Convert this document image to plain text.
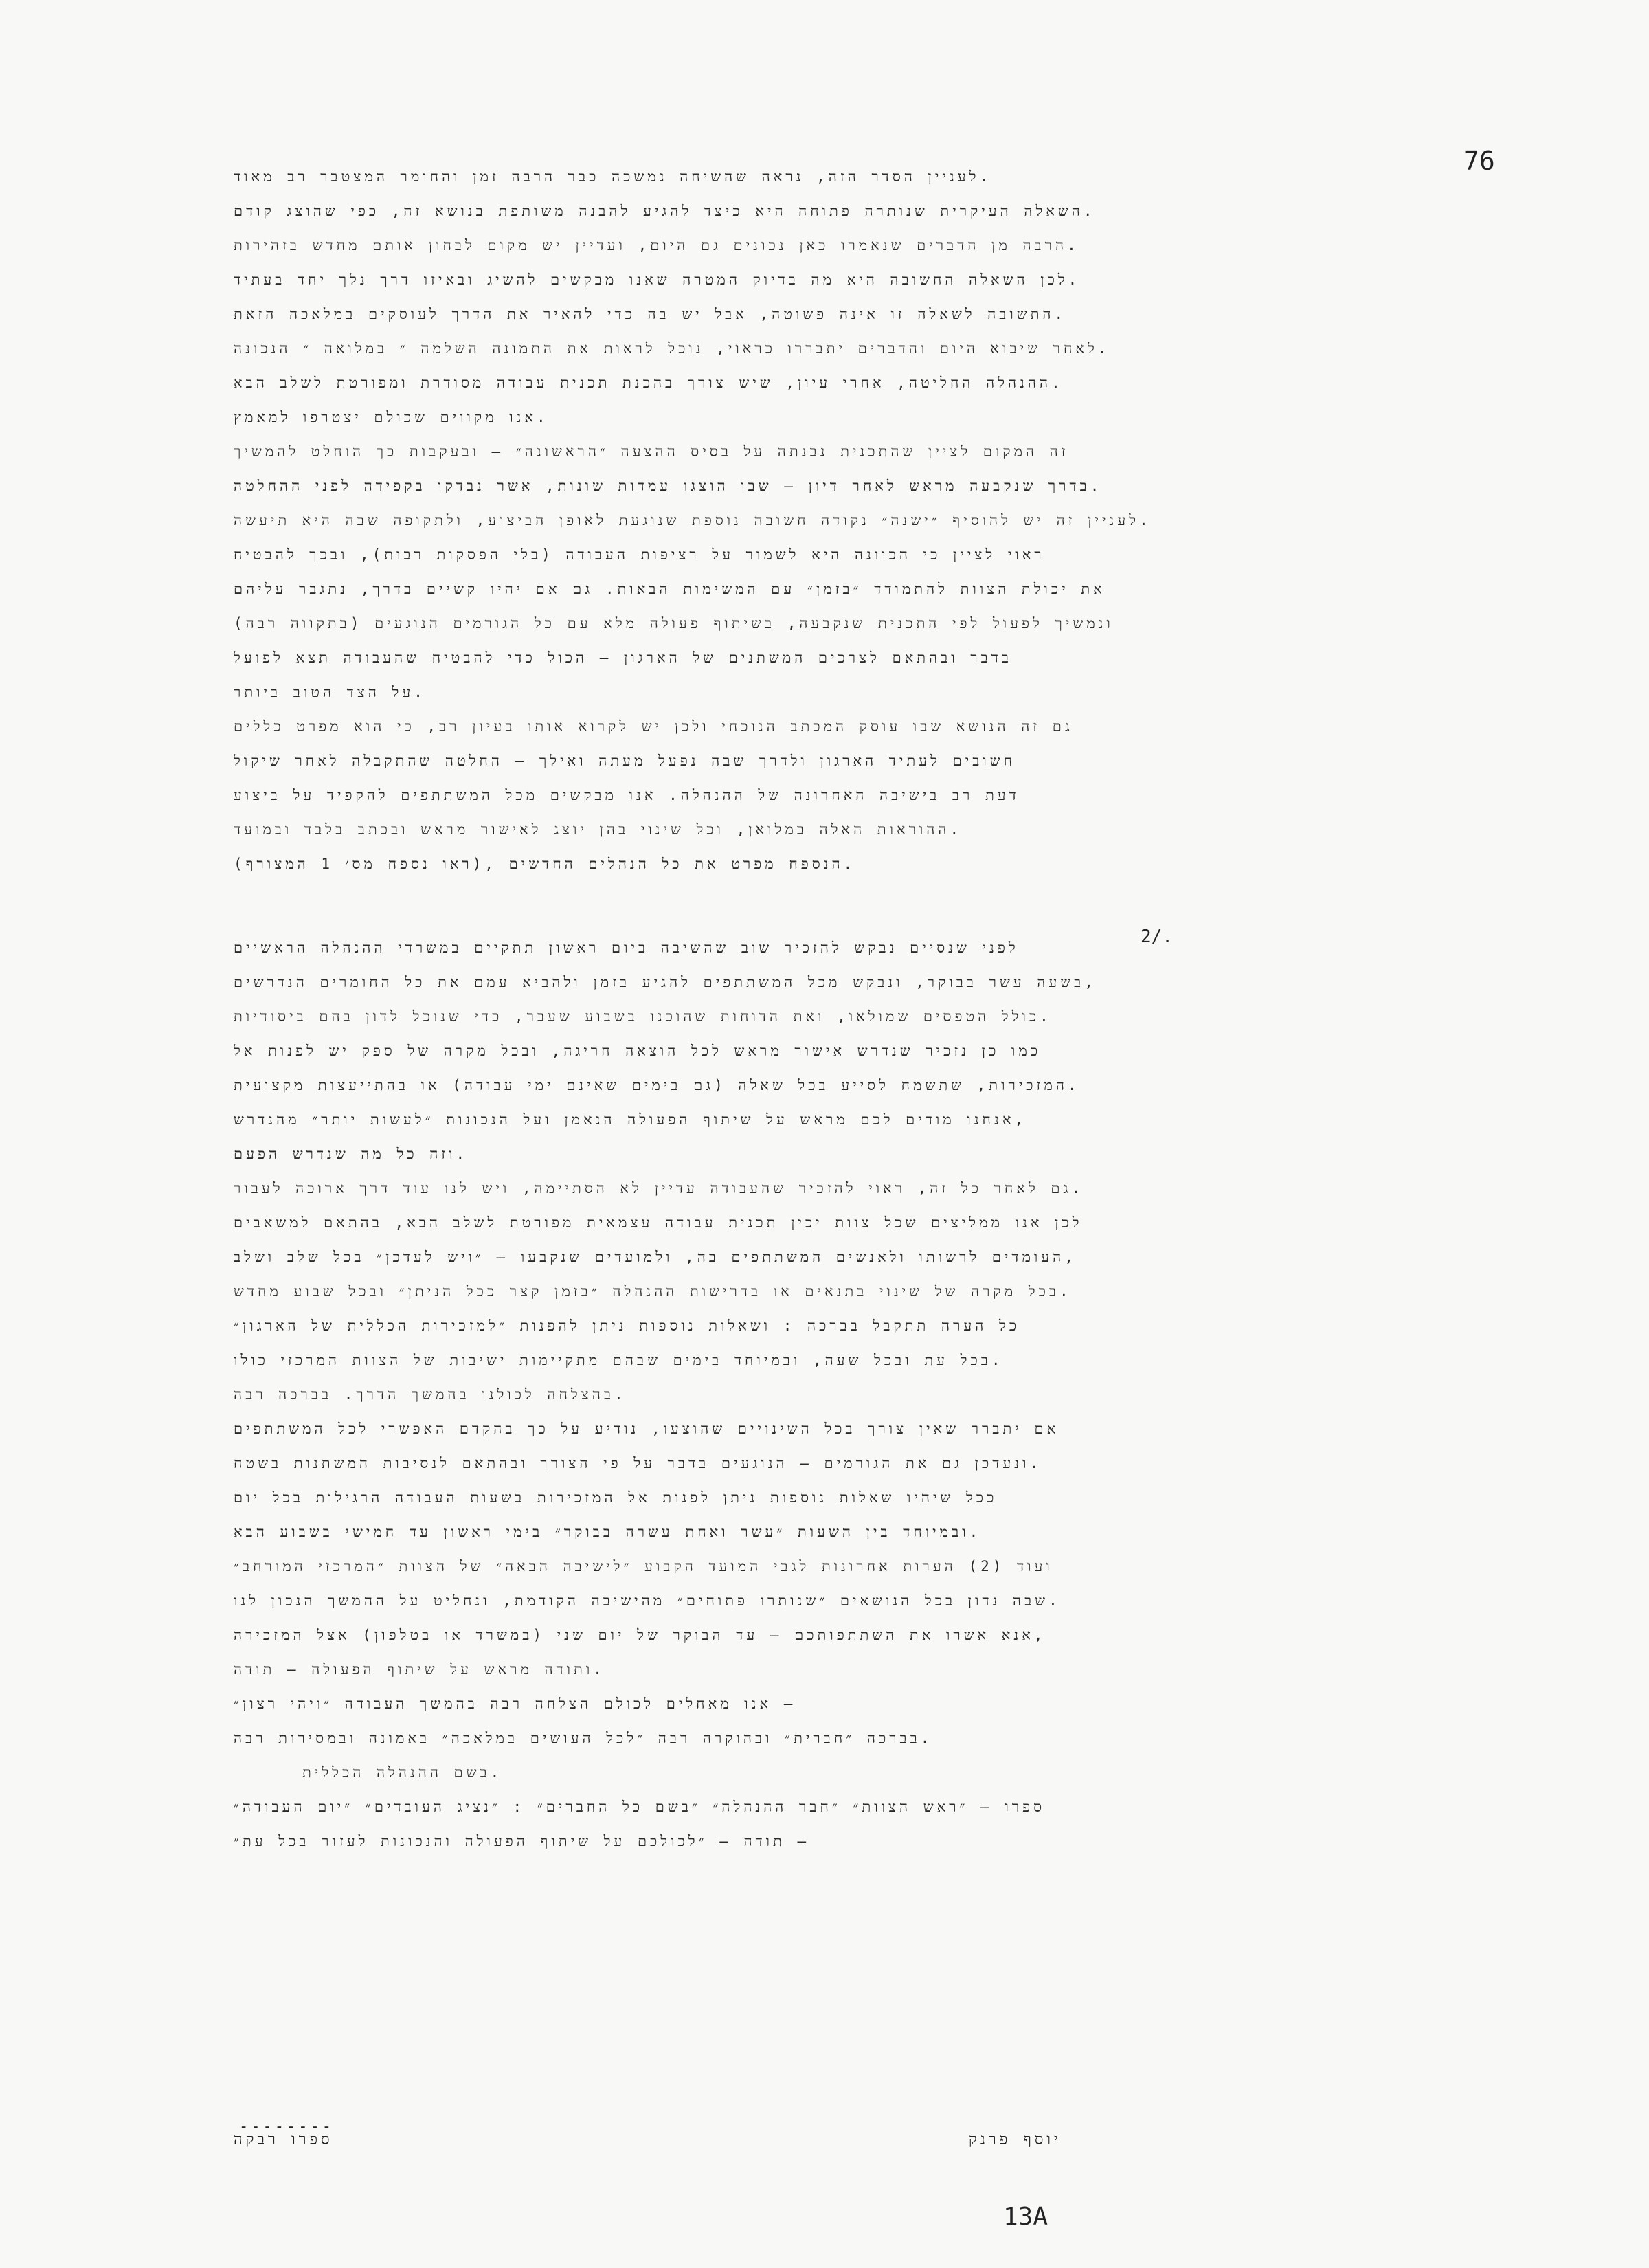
76
לעניין הסדר הזה, נראה שהשיחה נמשכה כבר הרבה זמן והחומר המצטבר רב מאוד.
השאלה העיקרית שנותרה פתוחה היא כיצד להגיע להבנה משותפת בנושא זה, כפי שהוצג קודם.
הרבה מן הדברים שנאמרו כאן נכונים גם היום, ועדיין יש מקום לבחון אותם מחדש בזהירות.
לכן השאלה החשובה היא מה בדיוק המטרה שאנו מבקשים להשיג ובאיזו דרך נלך יחד בעתיד.
התשובה לשאלה זו אינה פשוטה, אבל יש בה כדי להאיר את הדרך לעוסקים במלאכה הזאת.
לאחר שיבוא היום והדברים יתבררו כראוי, נוכל לראות את התמונה השלמה ״ במלואה ״ הנכונה.
ההנהלה החליטה, אחרי עיון, שיש צורך בהכנת תכנית עבודה מסודרת ומפורטת לשלב הבא.
אנו מקווים שכולם יצטרפו למאמץ.
זה המקום לציין שהתכנית נבנתה על בסיס ההצעה ״הראשונה״ — ובעקבות כך הוחלט להמשיך
בדרך שנקבעה מראש לאחר דיון — שבו הוצגו עמדות שונות, אשר נבדקו בקפידה לפני ההחלטה.
לעניין זה יש להוסיף ״ישנה״ נקודה חשובה נוספת שנוגעת לאופן הביצוע, ולתקופה שבה היא תיעשה.
ראוי לציין כי הכוונה היא לשמור על רציפות העבודה (בלי הפסקות רבות), ובכך להבטיח
את יכולת הצוות להתמודד ״בזמן״ עם המשימות הבאות. גם אם יהיו קשיים בדרך, נתגבר עליהם
(בתקווה רבה) ונמשיך לפעול לפי התכנית שנקבעה, בשיתוף פעולה מלא עם כל הגורמים הנוגעים
בדבר ובהתאם לצרכים המשתנים של הארגון — הכול כדי להבטיח שהעבודה תצא לפועל
על הצד הטוב ביותר.
גם זה הנושא שבו עוסק המכתב הנוכחי ולכן יש לקרוא אותו בעיון רב, כי הוא מפרט כללים
חשובים לעתיד הארגון ולדרך שבה נפעל מעתה ואילך — החלטה שהתקבלה לאחר שיקול
דעת רב בישיבה האחרונה של ההנהלה. אנו מבקשים מכל המשתתפים להקפיד על ביצוע
ההוראות האלה במלואן, וכל שינוי בהן יוצג לאישור מראש ובכתב בלבד ובמועד.
(ראו נספח מס׳ 1 המצורף), הנספח מפרט את כל הנהלים החדשים.
לפני שנסיים נבקש להזכיר שוב שהשיבה ביום ראשון תתקיים במשרדי ההנהלה הראשיים
בשעה עשר בבוקר, ונבקש מכל המשתתפים להגיע בזמן ולהביא עמם את כל החומרים הנדרשים,
כולל הטפסים שמולאו, ואת הדוחות שהוכנו בשבוע שעבר, כדי שנוכל לדון בהם ביסודיות.
כמו כן נזכיר שנדרש אישור מראש לכל הוצאה חריגה, ובכל מקרה של ספק יש לפנות אל
המזכירות, שתשמח לסייע בכל שאלה (גם בימים שאינם ימי עבודה) או בהתייעצות מקצועית.
אנחנו מודים לכם מראש על שיתוף הפעולה הנאמן ועל הנכונות ״לעשות יותר״ מהנדרש,
וזה כל מה שנדרש הפעם.
גם לאחר כל זה, ראוי להזכיר שהעבודה עדיין לא הסתיימה, ויש לנו עוד דרך ארוכה לעבור.
לכן אנו ממליצים שכל צוות יכין תכנית עבודה עצמאית מפורטת לשלב הבא, בהתאם למשאבים
העומדים לרשותו ולאנשים המשתתפים בה, ולמועדים שנקבעו — ״ויש לעדכן״ בכל שלב ושלב,
בכל מקרה של שינוי בתנאים או בדרישות ההנהלה ״בזמן קצר ככל הניתן״ ובכל שבוע מחדש.
כל הערה תתקבל בברכה : ושאלות נוספות ניתן להפנות ״למזכירות הכללית של הארגון״
בכל עת ובכל שעה, ובמיוחד בימים שבהם מתקיימות ישיבות של הצוות המרכזי כולו.
בהצלחה לכולנו בהמשך הדרך. בברכה רבה.
אם יתברר שאין צורך בכל השינויים שהוצעו, נודיע על כך בהקדם האפשרי לכל המשתתפים
ונעדכן גם את הגורמים — הנוגעים בדבר על פי הצורך ובהתאם לנסיבות המשתנות בשטח.
ככל שיהיו שאלות נוספות ניתן לפנות אל המזכירות בשעות העבודה הרגילות בכל יום
ובמיוחד בין השעות ״עשר ואחת עשרה בבוקר״ בימי ראשון עד חמישי בשבוע הבא.
ועוד (2) הערות אחרונות לגבי המועד הקבוע ״לישיבה הבאה״ של הצוות ״המרכזי המורחב״
שבה נדון בכל הנושאים ״שנותרו פתוחים״ מהישיבה הקודמת, ונחליט על ההמשך הנכון לנו.
אנא אשרו את השתתפותכם — עד הבוקר של יום שני (במשרד או בטלפון) אצל המזכירה,
ותודה מראש על שיתוף הפעולה — תודה.
אנו מאחלים לכולם הצלחה רבה בהמשך העבודה ״ויהי רצון״ —
בברכה ״חברית״ ובהוקרה רבה ״לכל העושים במלאכה״ באמונה ובמסירות רבה.
בשם ההנהלה הכללית.
ספרו — ״ראש הצוות״ ״חבר ההנהלה״ ״בשם כל החברים״ : ״נציג העובדים״ ״יום העבודה״
תודה — ״לכולכם על שיתוף הפעולה והנכונות לעזור בכל עת״ —
2/.
--------
ספרו רבקה	יוסף פרנק
13A
